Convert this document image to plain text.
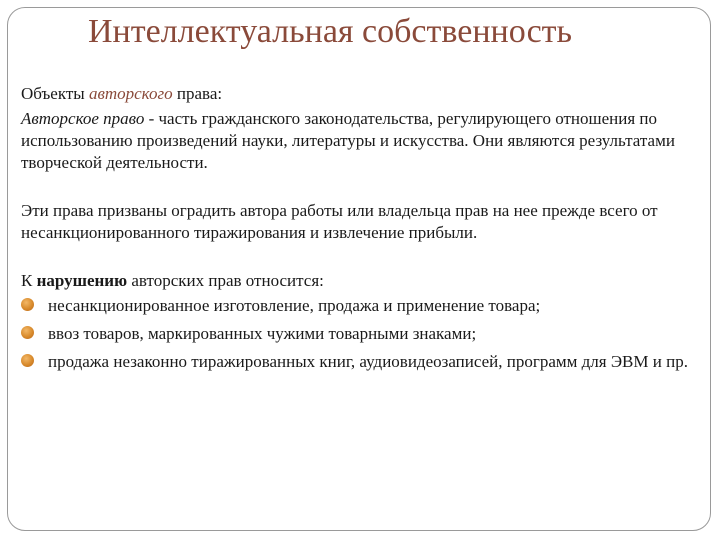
Интеллектуальная собственность

Объекты авторского права:

Авторское право - часть гражданского законодательства, регулирующего отношения по использованию произведений науки, литературы и искусства. Они являются результатами творческой деятельности.

Эти права призваны оградить автора работы или владельца прав на нее прежде всего от несанкционированного тиражирования и извлечение прибыли.

К нарушению авторских прав относится:

несанкционированное изготовление, продажа и применение товара;
ввоз товаров, маркированных чужими товарными знаками;
продажа незаконно тиражированных книг, аудиовидеозаписей, программ для ЭВМ и пр.
